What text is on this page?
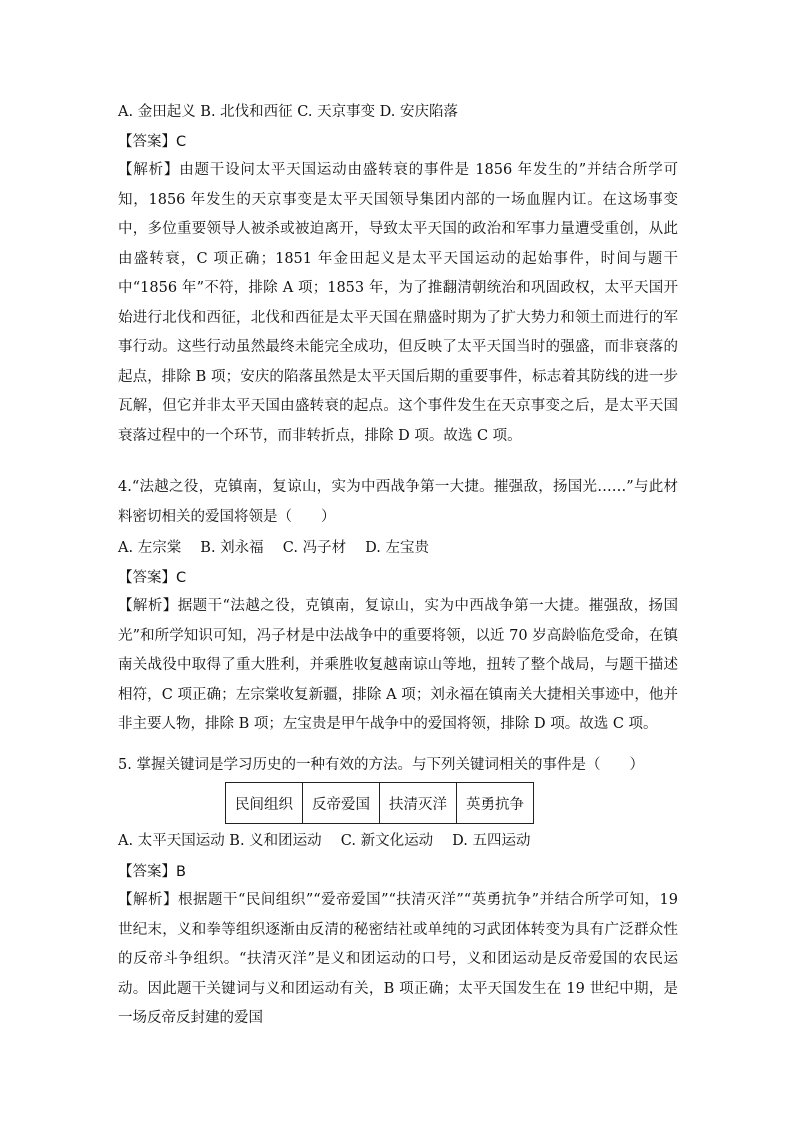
A. 金田起义 B. 北伐和西征 C. 天京事变 D. 安庆陷落
【答案】C
【解析】由题干设问太平天国运动由盛转衰的事件是 1856 年发生的”并结合所学可知，1856 年发生的天京事变是太平天国领导集团内部的一场血腥内讧。在这场事变中，多位重要领导人被杀或被迫离开，导致太平天国的政治和军事力量遭受重创，从此由盛转衰，C 项正确；1851 年金田起义是太平天国运动的起始事件，时间与题干中“1856 年”不符，排除 A 项；1853 年，为了推翻清朝统治和巩固政权，太平天国开始进行北伐和西征，北伐和西征是太平天国在鼎盛时期为了扩大势力和领土而进行的军事行动。这些行动虽然最终未能完全成功，但反映了太平天国当时的强盛，而非衰落的起点，排除 B 项；安庆的陷落虽然是太平天国后期的重要事件，标志着其防线的进一步瓦解，但它并非太平天国由盛转衰的起点。这个事件发生在天京事变之后，是太平天国衰落过程中的一个环节，而非转折点，排除 D 项。故选 C 项。
4.“法越之役，克镇南，复谅山，实为中西战争第一大捷。摧强敌，扬国光……”与此材料密切相关的爱国将领是（　　）
A. 左宗棠　 B. 刘永福　 C. 冯子材　 D. 左宝贵
【答案】C
【解析】据题干“法越之役，克镇南，复谅山，实为中西战争第一大捷。摧强敌，扬国光”和所学知识可知，冯子材是中法战争中的重要将领，以近 70 岁高龄临危受命，在镇南关战役中取得了重大胜利，并乘胜收复越南谅山等地，扭转了整个战局，与题干描述相符，C 项正确；左宗棠收复新疆，排除 A 项；刘永福在镇南关大捷相关事迹中，他并非主要人物，排除 B 项；左宝贵是甲午战争中的爱国将领，排除 D 项。故选 C 项。
5. 掌握关键词是学习历史的一种有效的方法。与下列关键词相关的事件是（　　）
民间组织	反帝爱国	扶清灭洋	英勇抗争
A. 太平天国运动 B. 义和团运动　 C. 新文化运动　 D. 五四运动
【答案】B
【解析】根据题干“民间组织”“爱帝爱国”“扶清灭洋”“英勇抗争”并结合所学可知，19 世纪末，义和拳等组织逐渐由反清的秘密结社或单纯的习武团体转变为具有广泛群众性的反帝斗争组织。“扶清灭洋”是义和团运动的口号，义和团运动是反帝爱国的农民运动。因此题干关键词与义和团运动有关，B 项正确；太平天国发生在 19 世纪中期，是一场反帝反封建的爱国
